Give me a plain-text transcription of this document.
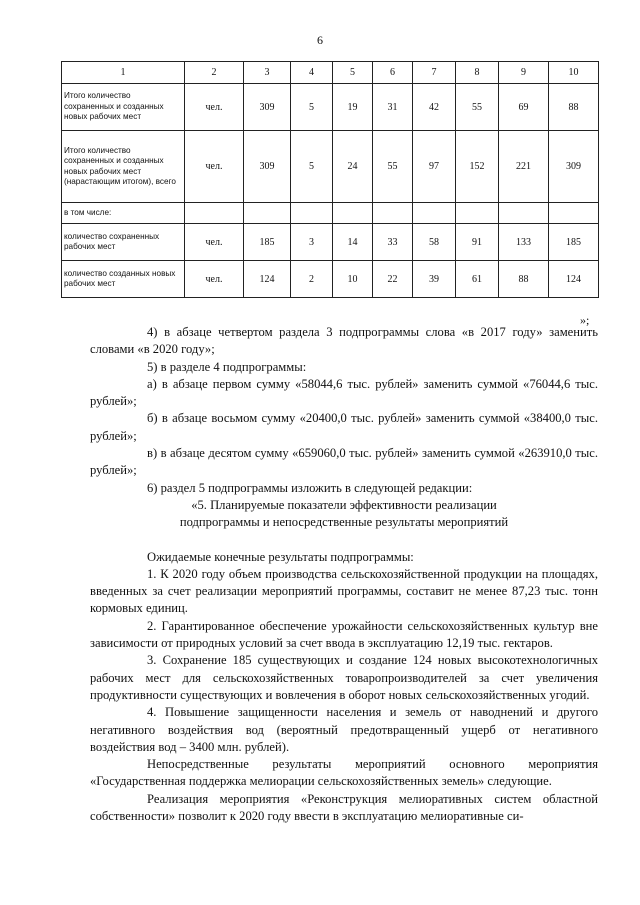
6
1	2	3	4	5	6	7	8	9	10
Итого количество сохраненных и созданных новых рабочих мест	чел.	309	5	19	31	42	55	69	88
Итого количество сохраненных и созданных новых рабочих мест (нарастающим итогом), всего	чел.	309	5	24	55	97	152	221	309
в том числе:									
количество сохраненных рабочих мест	чел.	185	3	14	33	58	91	133	185
количество созданных новых рабочих мест	чел.	124	2	10	22	39	61	88	124
»;

4) в абзаце четвертом раздела 3 подпрограммы слова «в 2017 году» заменить словами «в 2020 году»;

5) в разделе 4 подпрограммы:

а) в абзаце первом сумму «58044,6 тыс. рублей» заменить суммой «76044,6 тыс. рублей»;

б) в абзаце восьмом сумму «20400,0 тыс. рублей» заменить суммой «38400,0 тыс. рублей»;

в) в абзаце десятом сумму «659060,0 тыс. рублей» заменить суммой «263910,0 тыс. рублей»;

6) раздел 5 подпрограммы изложить в следующей редакции:

«5. Планируемые показатели эффективности реализации

подпрограммы и непосредственные результаты мероприятий

Ожидаемые конечные результаты подпрограммы:

1. К 2020 году объем производства сельскохозяйственной продукции на площадях, введенных за счет реализации мероприятий программы, составит не менее 87,23 тыс. тонн кормовых единиц.

2. Гарантированное обеспечение урожайности сельскохозяйственных культур вне зависимости от природных условий за счет ввода в эксплуатацию 12,19 тыс. гектаров.

3. Сохранение 185 существующих и создание 124 новых высокотехнологичных рабочих мест для сельскохозяйственных товаропроизводителей за счет увеличения продуктивности существующих и вовлечения в оборот новых сельскохозяйственных угодий.

4. Повышение защищенности населения и земель от наводнений и другого негативного воздействия вод (вероятный предотвращенный ущерб от негативного воздействия вод – 3400 млн. рублей).

Непосредственные результаты мероприятий основного мероприятия «Государственная поддержка мелиорации сельскохозяйственных земель» следующие.

Реализация мероприятия «Реконструкция мелиоративных систем областной собственности» позволит к 2020 году ввести в эксплуатацию мелиоративные си-
